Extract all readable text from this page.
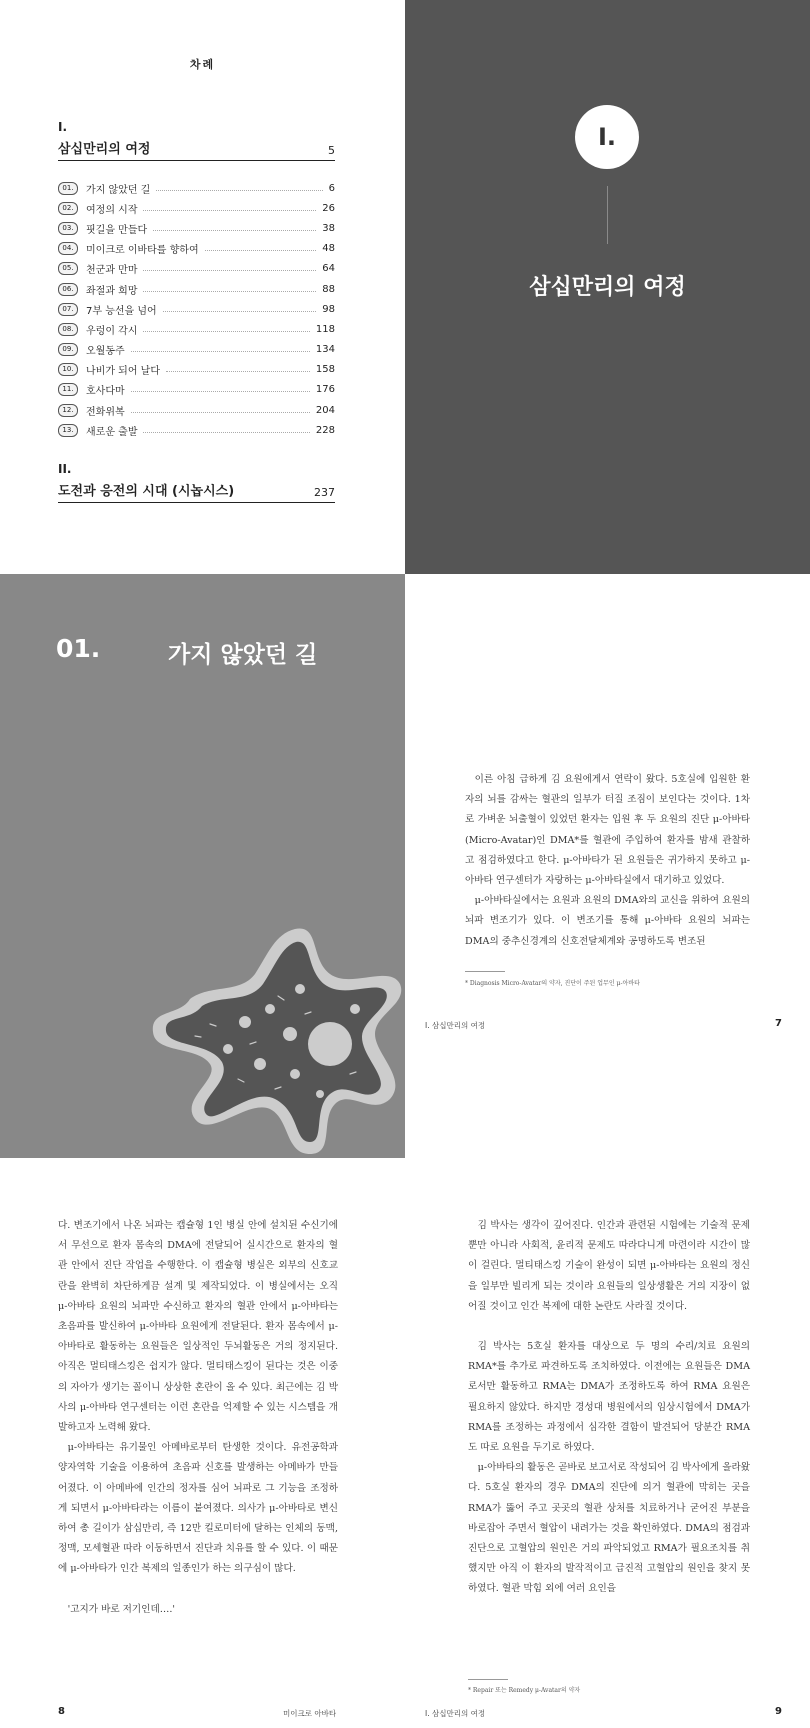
차례
I.
삼십만리의 여정	5
01.	가지 않았던 길	6
02.	여정의 시작	26
03.	핏길을 만들다	38
04.	미이크로 이바타를 향하여	48
05.	천군과 만마	64
06.	좌절과 희망	88
07.	7부 능선을 넘어	98
08.	우렁이 각시	118
09.	오월동주	134
10.	나비가 되어 날다	158
11.	호사다마	176
12.	전화위복	204
13.	새로운 출발	228
II.
도전과 응전의 시대 (시놉시스)	237
I.
삼십만리의 여정
01.	가지 않았던 길

이른 아침 급하게 김 요원에게서 연락이 왔다. 5호실에 입원한 환자의 뇌를 감싸는 혈관의 일부가 터질 조짐이 보인다는 것이다. 1차로 가벼운 뇌출혈이 있었던 환자는 입원 후 두 요원의 진단 μ-아바타(Micro-Avatar)인 DMA*를 혈관에 주입하여 환자를 밤새 관찰하고 점검하였다고 한다. μ-아바타가 된 요원들은 귀가하지 못하고 μ-아바타 연구센터가 자랑하는 μ-아바타실에서 대기하고 있었다.

μ-아바타실에서는 요원과 요원의 DMA와의 교신을 위하여 요원의 뇌파 변조기가 있다. 이 변조기를 통해 μ-아바타 요원의 뇌파는 DMA의 중추신경계의 신호전달체계와 공명하도록 변조된

* Diagnosis Micro-Avatar의 약자, 진단이 주된 업무인 μ-아바타
I. 삼십만리의 여정	7

다. 변조기에서 나온 뇌파는 캡슐형 1인 병실 안에 설치된 수신기에서 무선으로 환자 몸속의 DMA에 전달되어 실시간으로 환자의 혈관 안에서 진단 작업을 수행한다. 이 캡슐형 병실은 외부의 신호교란을 완벽히 차단하게끔 설계 및 제작되었다. 이 병실에서는 오직 μ-아바타 요원의 뇌파만 수신하고 환자의 혈관 안에서 μ-아바타는 초음파를 발신하여 μ-아바타 요원에게 전달된다. 환자 몸속에서 μ-아바타로 활동하는 요원들은 일상적인 두뇌활동은 거의 정지된다. 아직은 멀티태스킹은 쉽지가 않다. 멀티태스킹이 된다는 것은 이중의 자아가 생기는 꼴이니 상상한 혼란이 올 수 있다. 최근에는 김 박사의 μ-아바타 연구센터는 이런 혼란을 억제할 수 있는 시스템을 개발하고자 노력해 왔다.

μ-아바타는 유기물인 아메바로부터 탄생한 것이다. 유전공학과 양자역학 기술을 이용하여 초음파 신호를 발생하는 아메바가 만들어졌다. 이 아메바에 인간의 정자를 심어 뇌파로 그 기능을 조정하게 되면서 μ-아바타라는 이름이 붙여졌다. 의사가 μ-아바타로 변신하여 총 길이가 삼십만리, 즉 12만 킬로미터에 달하는 인체의 동맥, 정맥, 모세혈관 따라 이동하면서 진단과 치유를 할 수 있다. 이 때문에 μ-아바타가 인간 복제의 일종인가 하는 의구심이 많다.

'고지가 바로 저기인데….'

8	미이크로 아바타

김 박사는 생각이 깊어진다. 인간과 관련된 시험에는 기술적 문제뿐만 아니라 사회적, 윤리적 문제도 따라다니게 마련이라 시간이 많이 걸린다. 멀티태스킹 기술이 완성이 되면 μ-아바타는 요원의 정신을 일부만 빌리게 되는 것이라 요원들의 일상생활은 거의 지장이 없어질 것이고 인간 복제에 대한 논란도 사라질 것이다.

김 박사는 5호실 환자를 대상으로 두 명의 수리/치료 요원의 RMA*를 추가로 파견하도록 조치하였다. 이전에는 요원들은 DMA로서만 활동하고 RMA는 DMA가 조정하도록 하여 RMA 요원은 필요하지 않았다. 하지만 경성대 병원에서의 임상시험에서 DMA가 RMA를 조정하는 과정에서 심각한 결함이 발견되어 당분간 RMA도 따로 요원을 두기로 하였다.

μ-아바타의 활동은 곧바로 보고서로 작성되어 김 박사에게 올라왔다. 5호실 환자의 경우 DMA의 진단에 의거 혈관에 막히는 곳을 RMA가 뚫어 주고 곳곳의 혈관 상처를 치료하거나 굳어진 부분을 바로잡아 주면서 혈압이 내려가는 것을 확인하였다. DMA의 점검과 진단으로 고혈압의 원인은 거의 파악되었고 RMA가 필요조치를 취했지만 아직 이 환자의 발작적이고 급진적 고혈압의 원인을 찾지 못하였다. 혈관 막힘 외에 여러 요인을

* Repair 또는 Remedy μ-Avatar의 약자
I. 삼십만리의 여정	9
